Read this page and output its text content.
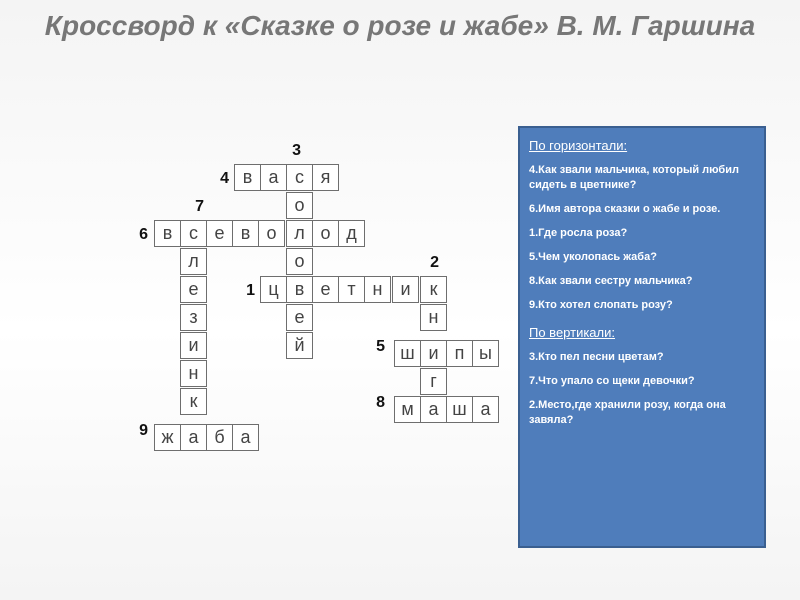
Кроссворд к «Сказке о розе и жабе» В. М. Гаршина
3
4
7
6
2
1
5
8
9
в а с я
о
в с е в о л о д
л
е
з
и
н
к
о
ц в е т н	и	к
е
й
н
ш и п ы
г
м а ш а
ж а б а
По горизонтали:
4.Как звали мальчика, который любил сидеть в цветнике?
6.Имя автора сказки о жабе и розе.
1.Где росла роза?
5.Чем уколопась жаба?
8.Как звали сестру мальчика?
9.Кто хотел слопать розу?
По вертикали:
3.Кто пел песни цветам?
7.Что упало со щеки девочки?
2.Место,где хранили розу, когда она завяла?
